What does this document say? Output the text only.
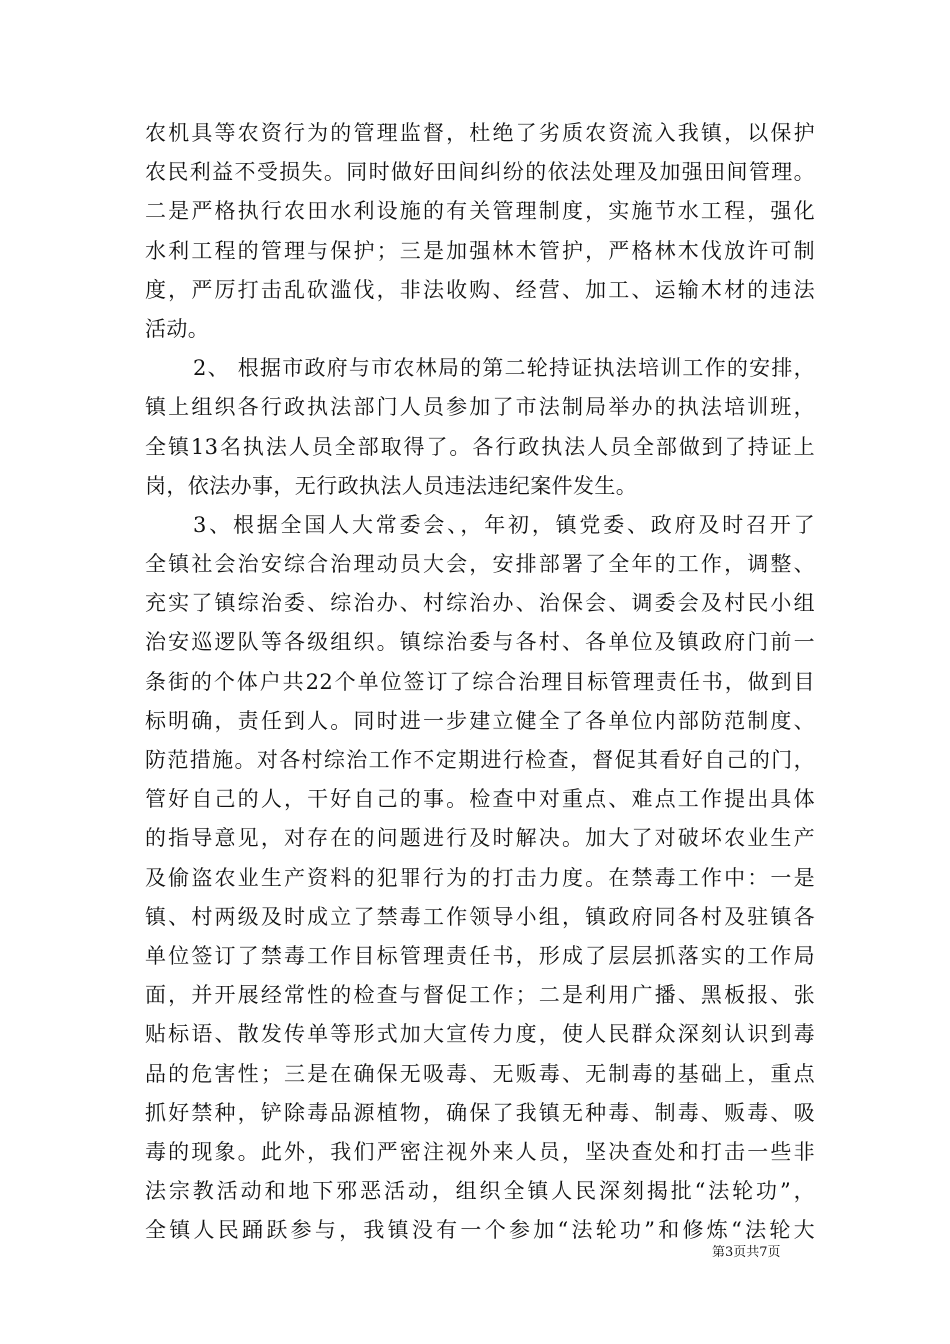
农机具等农资行为的管理监督，杜绝了劣质农资流入我镇，以保护
农民利益不受损失。同时做好田间纠纷的依法处理及加强田间管理。
二是严格执行农田水利设施的有关管理制度，实施节水工程，强化
水利工程的管理与保护；三是加强林木管护，严格林木伐放许可制
度，严厉打击乱砍滥伐，非法收购、经营、加工、运输木材的违法
活动。
2、 根据市政府与市农林局的第二轮持证执法培训工作的安排，
镇上组织各行政执法部门人员参加了市法制局举办的执法培训班，
全镇13名执法人员全部取得了。各行政执法人员全部做到了持证上
岗，依法办事，无行政执法人员违法违纪案件发生。
3、根据全国人大常委会、，年初，镇党委、政府及时召开了
全镇社会治安综合治理动员大会，安排部署了全年的工作，调整、
充实了镇综治委、综治办、村综治办、治保会、调委会及村民小组
治安巡逻队等各级组织。镇综治委与各村、各单位及镇政府门前一
条街的个体户共22个单位签订了综合治理目标管理责任书，做到目
标明确，责任到人。同时进一步建立健全了各单位内部防范制度、
防范措施。对各村综治工作不定期进行检查，督促其看好自己的门，
管好自己的人，干好自己的事。检查中对重点、难点工作提出具体
的指导意见，对存在的问题进行及时解决。加大了对破坏农业生产
及偷盗农业生产资料的犯罪行为的打击力度。在禁毒工作中：一是
镇、村两级及时成立了禁毒工作领导小组，镇政府同各村及驻镇各
单位签订了禁毒工作目标管理责任书，形成了层层抓落实的工作局
面，并开展经常性的检查与督促工作；二是利用广播、黑板报、张
贴标语、散发传单等形式加大宣传力度，使人民群众深刻认识到毒
品的危害性；三是在确保无吸毒、无贩毒、无制毒的基础上，重点
抓好禁种，铲除毒品源植物，确保了我镇无种毒、制毒、贩毒、吸
毒的现象。此外，我们严密注视外来人员，坚决查处和打击一些非
法宗教活动和地下邪恶活动，组织全镇人民深刻揭批“法轮功”，
全镇人民踊跃参与，我镇没有一个参加“法轮功”和修炼“法轮大
第3页共7页
